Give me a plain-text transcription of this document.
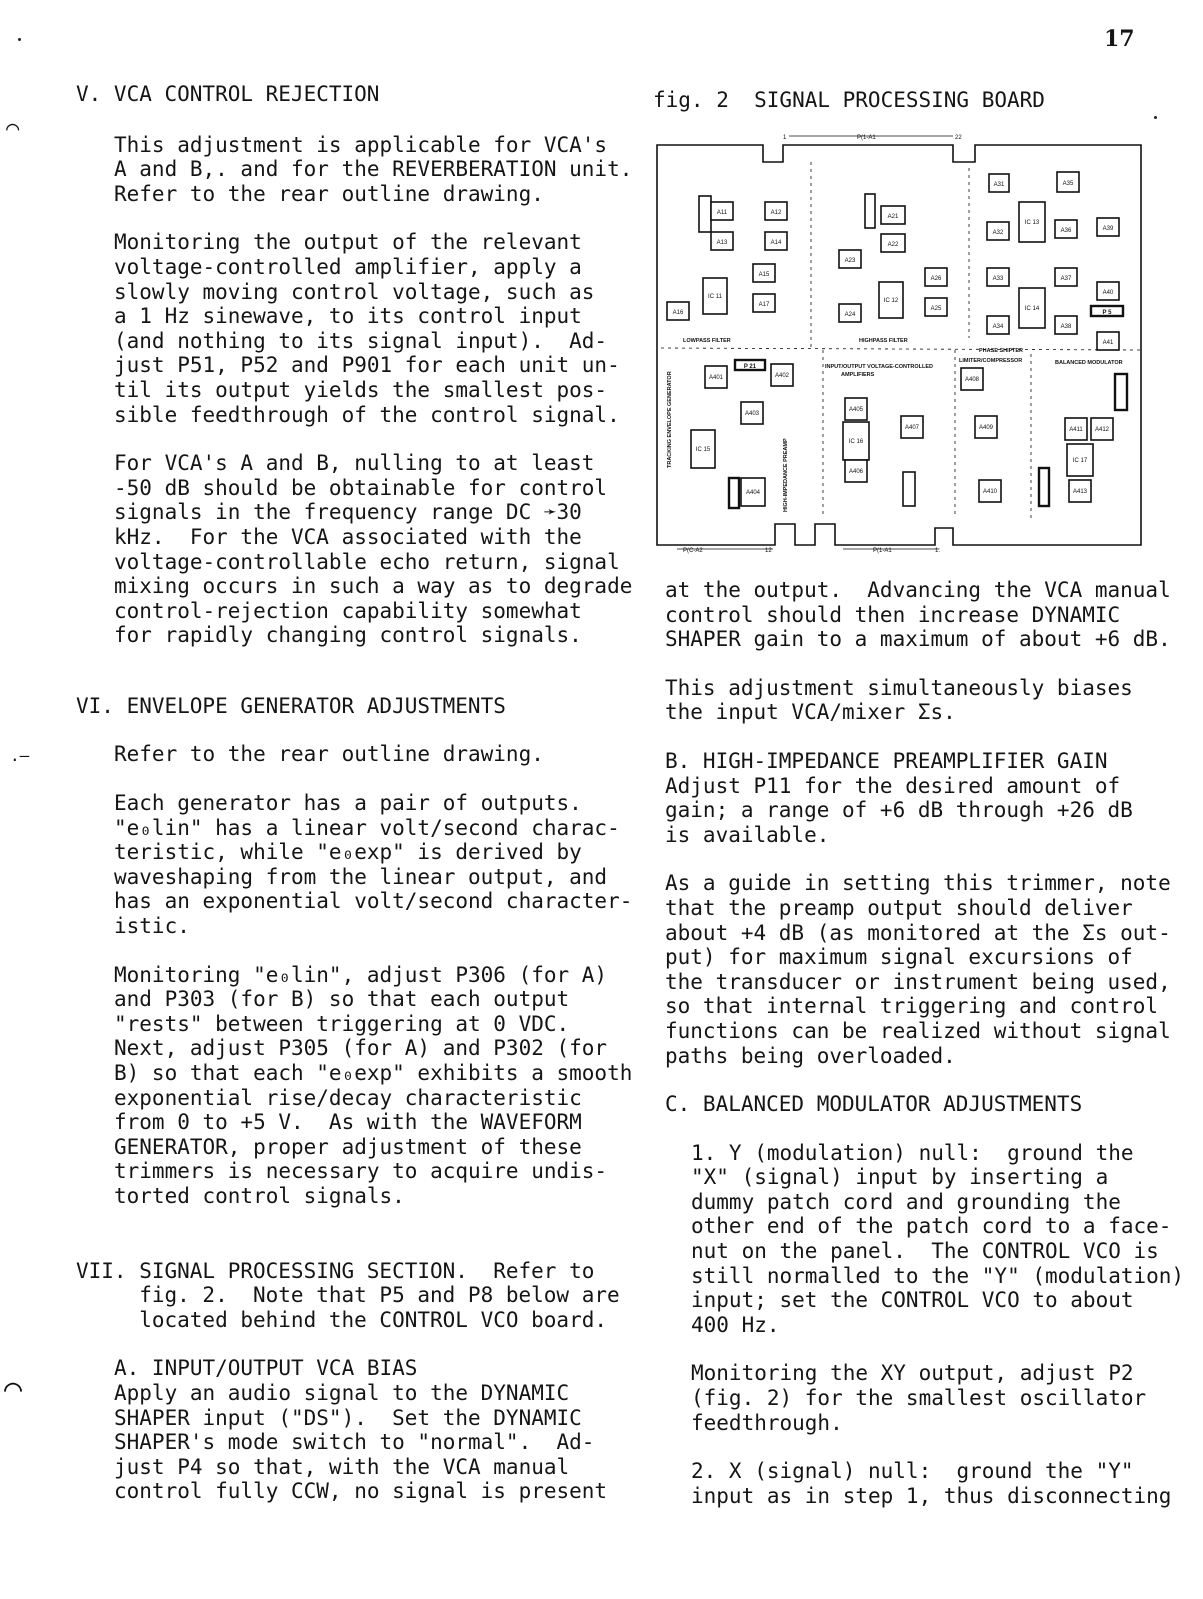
17
⌒
.–
⌒

V. VCA CONTROL REJECTION

This adjustment is applicable for VCA's

A and B,. and for the REVERBERATION unit.

Refer to the rear outline drawing.

Monitoring the output of the relevant

voltage-controlled amplifier, apply a

slowly moving control voltage, such as

a 1 Hz sinewave, to its control input

(and nothing to its signal input).  Ad-

just P51, P52 and P901 for each unit un-

til its output yields the smallest pos-

sible feedthrough of the control signal.

For VCA's A and B, nulling to at least

-50 dB should be obtainable for control

signals in the frequency range DC ➛30

kHz.  For the VCA associated with the

voltage-controllable echo return, signal

mixing occurs in such a way as to degrade

control-rejection capability somewhat

for rapidly changing control signals.

VI. ENVELOPE GENERATOR ADJUSTMENTS

Refer to the rear outline drawing.

Each generator has a pair of outputs.

"e₀lin" has a linear volt/second charac-

teristic, while "e₀exp" is derived by

waveshaping from the linear output, and

has an exponential volt/second character-

istic.

Monitoring "e₀lin", adjust P306 (for A)

and P303 (for B) so that each output

"rests" between triggering at 0 VDC.

Next, adjust P305 (for A) and P302 (for

B) so that each "e₀exp" exhibits a smooth

exponential rise/decay characteristic

from 0 to +5 V.  As with the WAVEFORM

GENERATOR, proper adjustment of these

trimmers is necessary to acquire undis-

torted control signals.

VII. SIGNAL PROCESSING SECTION.  Refer to

fig. 2.  Note that P5 and P8 below are

located behind the CONTROL VCO board.

A. INPUT/OUTPUT VCA BIAS

Apply an audio signal to the DYNAMIC

SHAPER input ("DS").  Set the DYNAMIC

SHAPER's mode switch to "normal".  Ad-

just P4 so that, with the VCA manual

control fully CCW, no signal is present

fig. 2  SIGNAL PROCESSING BOARD

A11	A12
A13	A14
A15
A16
A17
A21
A22
A23
A24
A25
A26
A31
A32
A33
A34
A35
A36
A37
A38
A39
A40
A41
A401	A402
A403
A404
A405
A406
A407
A408
A409
A410
A411 A412
A413
IC 11
IC 12
IC 13
IC 14
IC 15
IC 16
IC 17
P 21
P 5
LOWPASS FILTER	HIGHPASS FILTER
PHASE SHIFTER
LIMITER/COMPRESSOR	BALANCED MODULATOR
INPUT/OUTPUT VOLTAGE-CONTROLLED
AMPLIFIERS
TRACKING ENVELOPE GENERATOR
HIGH-IMPEDANCE PREAMP
1	P(1-A1	22
P(C-A2	12	P(1-A1	1:

at the output.  Advancing the VCA manual

control should then increase DYNAMIC

SHAPER gain to a maximum of about +6 dB.

This adjustment simultaneously biases

the input VCA/mixer Σs.

B. HIGH-IMPEDANCE PREAMPLIFIER GAIN

Adjust P11 for the desired amount of

gain; a range of +6 dB through +26 dB

is available.

As a guide in setting this trimmer, note

that the preamp output should deliver

about +4 dB (as monitored at the Σs out-

put) for maximum signal excursions of

the transducer or instrument being used,

so that internal triggering and control

functions can be realized without signal

paths being overloaded.

C. BALANCED MODULATOR ADJUSTMENTS

1. Y (modulation) null:  ground the

"X" (signal) input by inserting a

dummy patch cord and grounding the

other end of the patch cord to a face-

nut on the panel.  The CONTROL VCO is

still normalled to the "Y" (modulation)

input; set the CONTROL VCO to about

400 Hz.

Monitoring the XY output, adjust P2

(fig. 2) for the smallest oscillator

feedthrough.

2. X (signal) null:  ground the "Y"

input as in step 1, thus disconnecting
